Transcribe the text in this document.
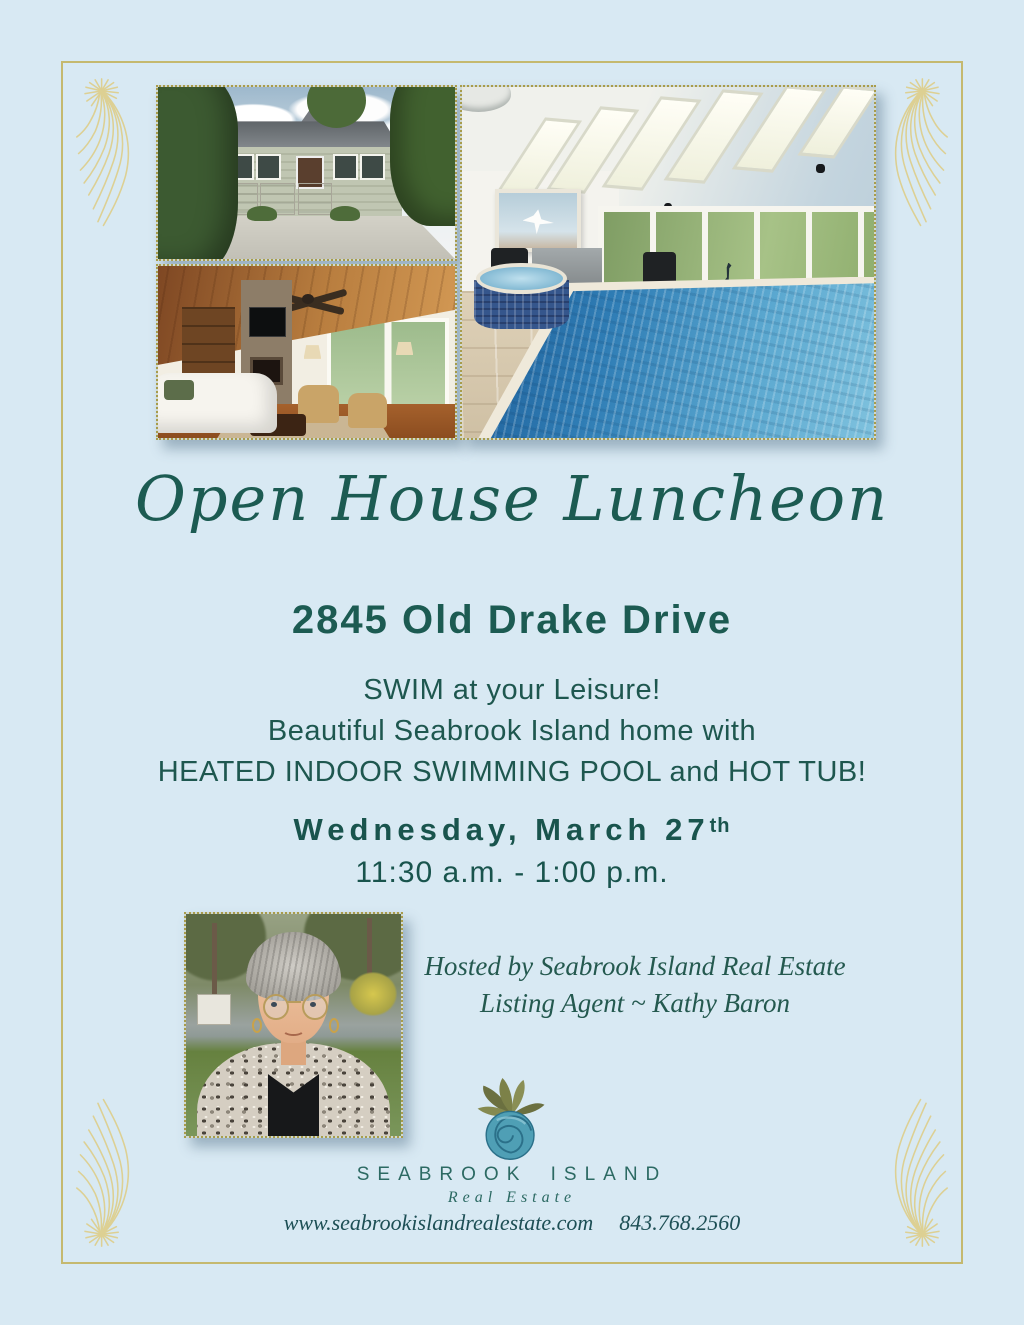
Open House Luncheon
2845 Old Drake Drive
SWIM at your Leisure!
Beautiful Seabrook Island home with
HEATED INDOOR SWIMMING POOL and HOT TUB!
Wednesday, March 27th
11:30 a.m. - 1:00 p.m.
Hosted by Seabrook Island Real Estate
Listing Agent ~ Kathy Baron
SEABROOK ISLAND
Real Estate
www.seabrookislandrealestate.com 843.768.2560
